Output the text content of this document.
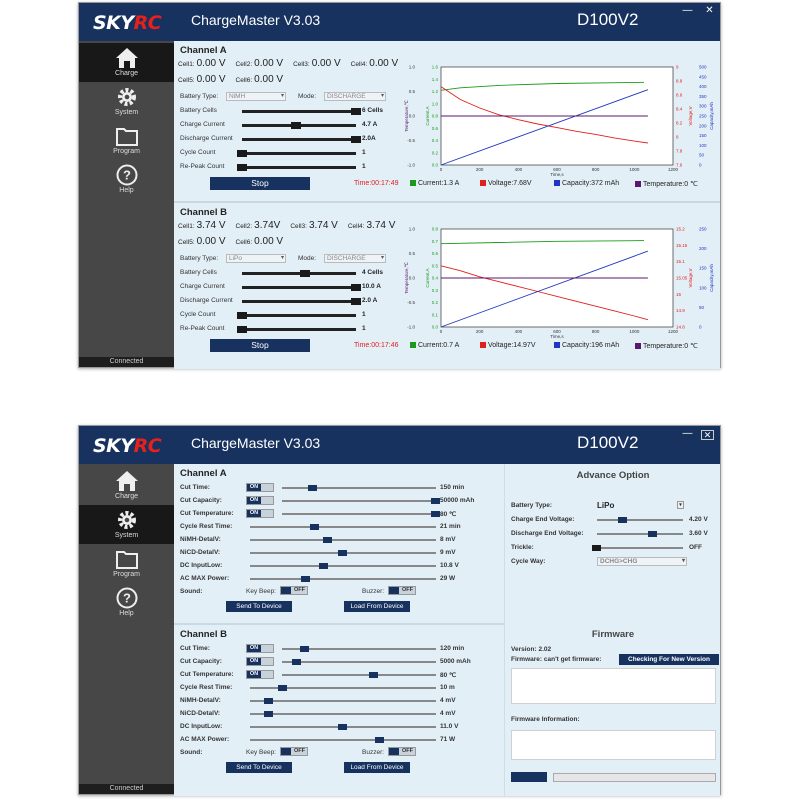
SKYRC ChargeMaster V3.03	D100V2	— ✕
Charge
System
Program
?
Help
Connected
Channel A
Cell1: 0.00 V Cell2: 0.00 V Cell3: 0.00 V Cell4: 0.00 V
Cell5: 0.00 V Cell6: 0.00 V
Battery Type:	NiMH ▾	Mode:	DISCHARGE ▾
Battery Cells	6 Cells
Charge Current	4.7 A
Discharge Current	2.0A
Cycle Count	1
Re-Peak Count	1
Stop	Time:00:17:49	Current:1.3 A	Voltage:7.68V	Capacity:372 mAh	Temperature:0 ℃
0	200	400	600	800	1000	1200
Time,s
0.0
0.2
0.4
0.6
0.8
1.0
1.2
1.4
1.6
-1.0
-0.5
0.0
0.5
1.0
Temperature,℃	Current,A
7.6
7.8
8
8.2
8.4
8.6
8.8
9
0
50
100
150
200
250
300
350
400
450
500
Voltage,V	Capacity,mAh
Channel B
Cell1: 3.74 V Cell2: 3.74V Cell3: 3.74 V Cell4: 3.74 V
Cell5: 0.00 V Cell6: 0.00 V
Battery Type:	LiPo ▾	Mode:	DISCHARGE ▾
Battery Cells	4 Cells
Charge Current	10.0 A
Discharge Current	2.0 A
Cycle Count	1
Re-Peak Count	1
Stop	Time:00:17:46	Current:0.7 A	Voltage:14.97V	Capacity:196 mAh	Temperature:0 ℃
0	200	400	600	800	1000	1200
Time,s
0.0
0.1
0.2
0.3
0.4
0.5
0.6
0.7
0.8
-1.0
-0.5
0.0
0.5
1.0
Temperature,℃	Current,A
14.8
14.9
15
15.05
15.1
15.15
15.2
0
50
100
150
200
250
Voltage,V	Capacity,mAh
SKYRC ChargeMaster V3.03	D100V2	—	✕
Charge
System
Program
?
Help
Connected
Channel A
Cut Time:	ON	150 min
Cut Capacity:	ON	50000 mAh
Cut Temperature:	ON	80 ℃
Cycle Rest Time:	21 min
NiMH-DetalV:	8 mV
NiCD-DetalV:	9 mV
DC InputLow:	10.8 V
AC MAX Power:	29 W
Sound:	Key Beep:	OFF	Buzzer:	OFF
Send To Device	Load From Device
Channel B
Cut Time:	ON	120 min
Cut Capacity:	ON	5000 mAh
Cut Temperature:	ON	80 ℃
Cycle Rest Time:	10 m
NiMH-DetalV:	4 mV
NiCD-DetalV:	4 mV
DC InputLow:	11.0 V
AC MAX Power:	71 W
Sound:	Key Beep:	OFF	Buzzer:	OFF
Send To Device	Load From Device
Advance Option
Battery Type:	LiPo	▾
Charge End Voltage:	4.20 V
Discharge End Voltage:	3.60 V
Trickle:	OFF
Cycle Way:	DCHG>CHG ▾
Firmware
Version: 2.02
Firmware: can't get firmware:	Checking For New Version
Firmware Information:
